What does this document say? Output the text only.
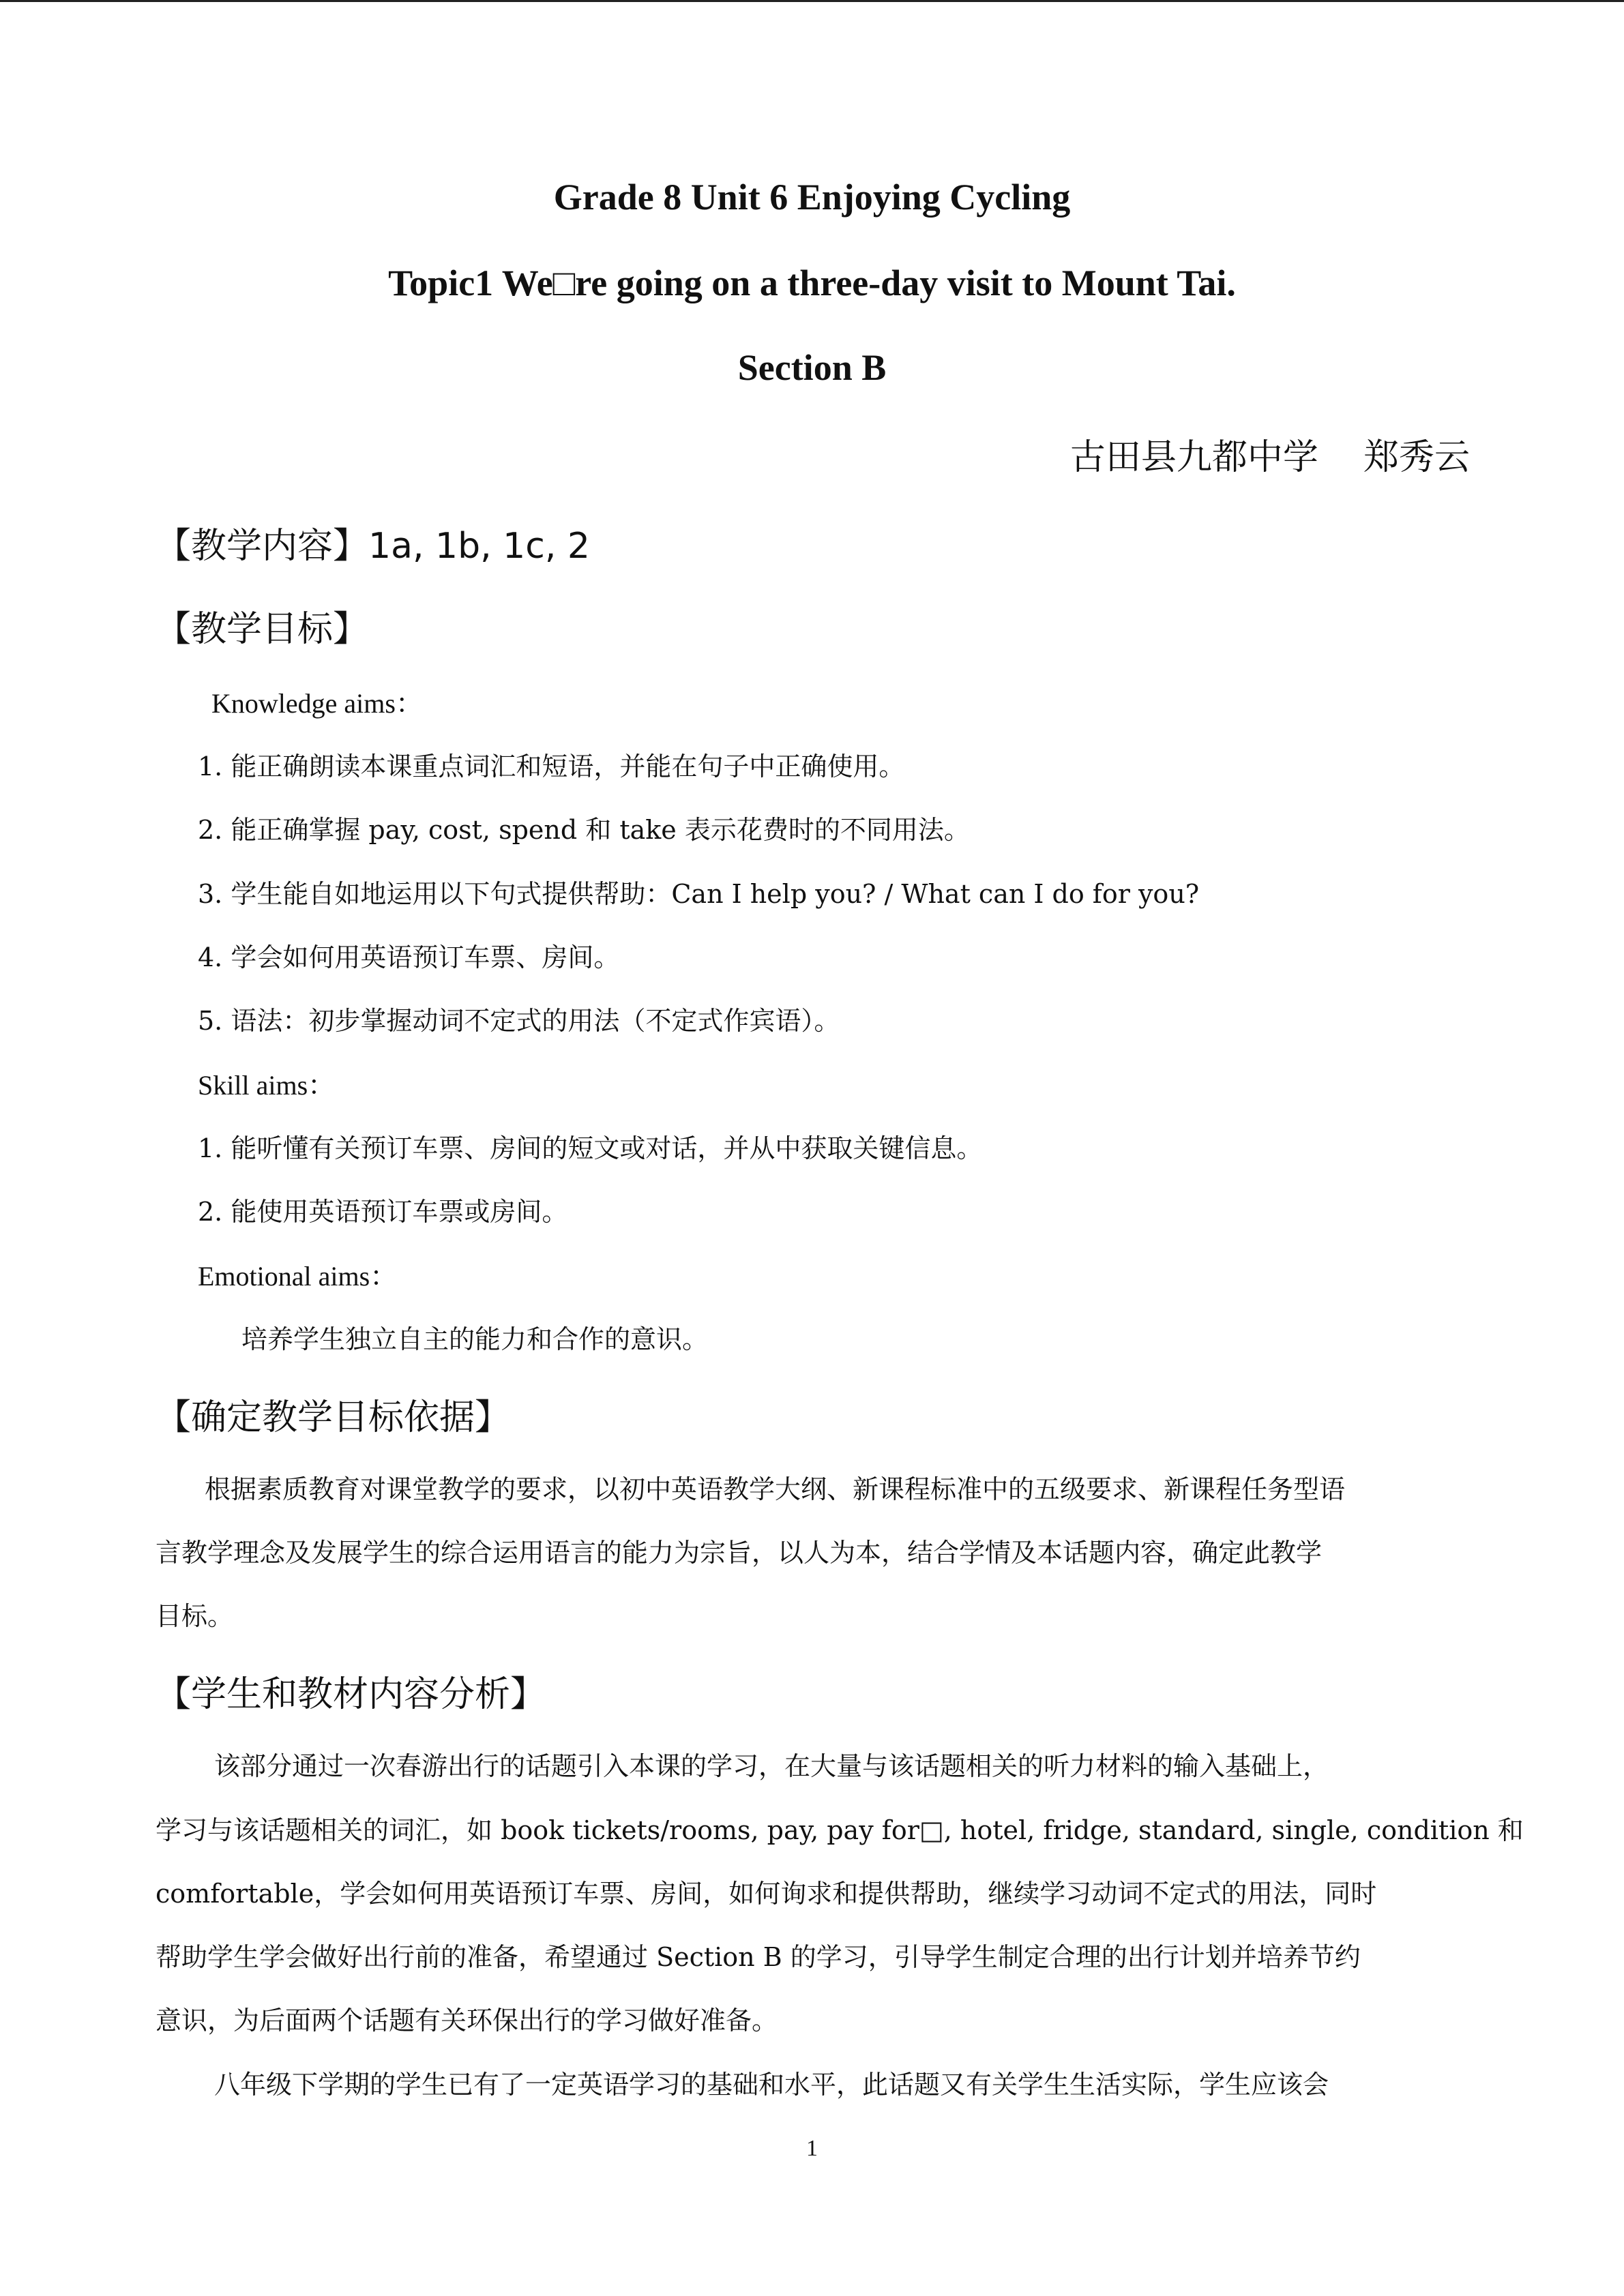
Grade 8 Unit 6 Enjoying Cycling
Topic1 We□re going on a three-day visit to Mount Tai.
Section B
古田县九都中学    郑秀云
【教学内容】1a, 1b, 1c, 2
【教学目标】
Knowledge aims：
1. 能正确朗读本课重点词汇和短语，并能在句子中正确使用。
2. 能正确掌握 pay, cost, spend 和 take 表示花费时的不同用法。
3. 学生能自如地运用以下句式提供帮助：Can I help you? / What can I do for you?
4. 学会如何用英语预订车票、房间。
5. 语法：初步掌握动词不定式的用法（不定式作宾语）。
Skill aims：
1. 能听懂有关预订车票、房间的短文或对话，并从中获取关键信息。
2. 能使用英语预订车票或房间。
Emotional aims：
培养学生独立自主的能力和合作的意识。
【确定教学目标依据】
根据素质教育对课堂教学的要求，以初中英语教学大纲、新课程标准中的五级要求、新课程任务型语
言教学理念及发展学生的综合运用语言的能力为宗旨，以人为本，结合学情及本话题内容，确定此教学
目标。
【学生和教材内容分析】
该部分通过一次春游出行的话题引入本课的学习，在大量与该话题相关的听力材料的输入基础上，
学习与该话题相关的词汇，如 book tickets/rooms, pay, pay for□, hotel, fridge, standard, single, condition 和
comfortable，学会如何用英语预订车票、房间，如何询求和提供帮助，继续学习动词不定式的用法，同时
帮助学生学会做好出行前的准备，希望通过 Section B 的学习，引导学生制定合理的出行计划并培养节约
意识，为后面两个话题有关环保出行的学习做好准备。
八年级下学期的学生已有了一定英语学习的基础和水平，此话题又有关学生生活实际，学生应该会
1
